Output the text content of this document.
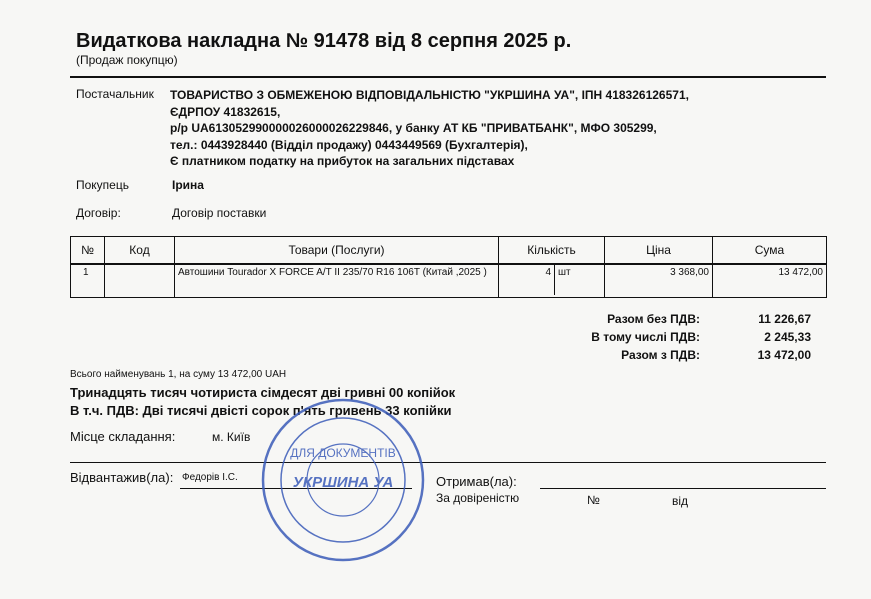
Видаткова накладна № 91478 від 8 серпня 2025 р.
(Продаж покупцю)
Постачальник ТОВАРИСТВО З ОБМЕЖЕНОЮ ВІДПОВІДАЛЬНІСТЮ "УКРШИНА УА", ІПН 418326126571,
ЄДРПОУ 41832615,
р/р UA613052990000026000026229846, у банку АТ КБ "ПРИВАТБАНК", МФО 305299,
тел.: 0443928440 (Відділ продажу) 0443449569 (Бухгалтерія),
Є платником податку на прибуток на загальних підставах
Покупець	Ірина
Договір:	Договір поставки
№	Код	Товари (Послуги)	Кількість	Ціна	Сума
1		Автошини Tourador X FORCE A/T II 235/70 R16 106T (Китай ,2025 )	4 шт	3 368,00	13 472,00
Разом без ПДВ:	11 226,67
В тому числі ПДВ:	2 245,33
Разом з ПДВ:	13 472,00
Всього найменувань 1, на суму 13 472,00 UAH
Тринадцять тисяч чотириста сімдесят дві гривні 00 копійок
В т.ч. ПДВ: Дві тисячі двісті сорок п'ять гривень 33 копійки
Місце складання:	м. Київ
Відвантажив(ла): Федорів І.С.	Отримав(ла):
За довіреністю	№	від
ДЛЯ ДОКУМЕНТІВ
УКРШИНА УА
